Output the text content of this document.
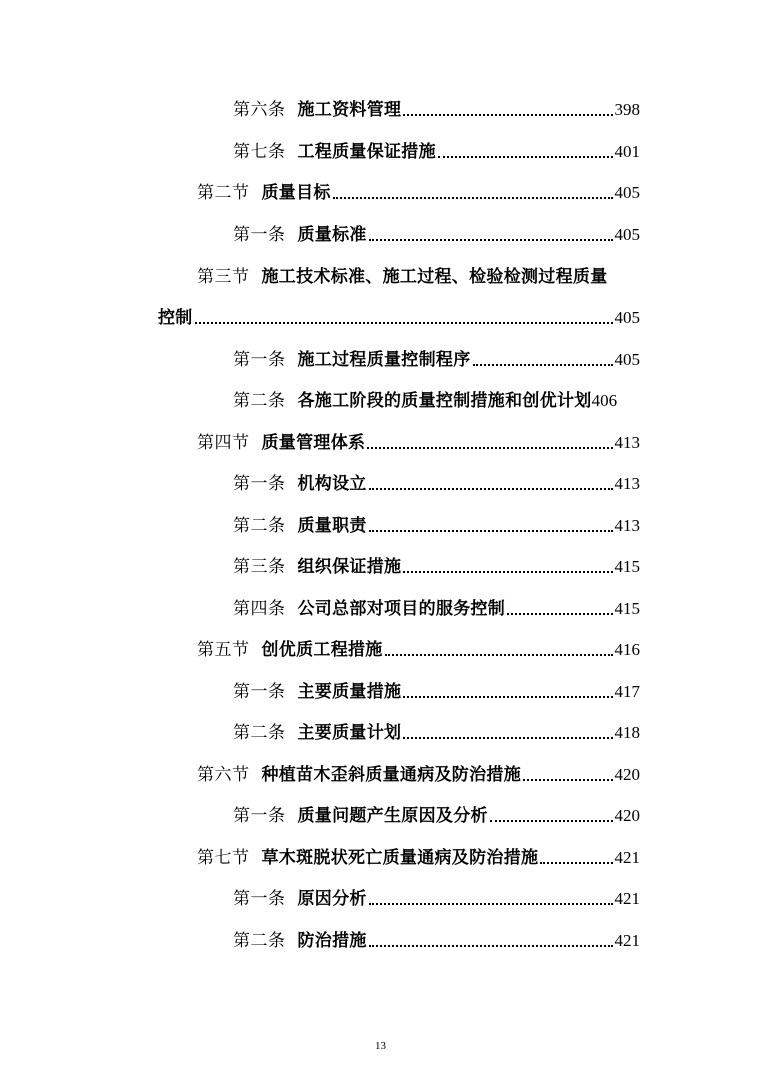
第六条 施工资料管理	398
第七条 工程质量保证措施	401
第二节 质量目标	405
第一条 质量标准	405
第三节 施工技术标准、施工过程、检验检测过程质量
控制	405
第一条 施工过程质量控制程序	405
第二条 各施工阶段的质量控制措施和创优计划 406
第四节 质量管理体系	413
第一条 机构设立	413
第二条 质量职责	413
第三条 组织保证措施	415
第四条 公司总部对项目的服务控制	415
第五节 创优质工程措施	416
第一条 主要质量措施	417
第二条 主要质量计划	418
第六节 种植苗木歪斜质量通病及防治措施	420
第一条 质量问题产生原因及分析	420
第七节 草木斑脱状死亡质量通病及防治措施	421
第一条 原因分析	421
第二条 防治措施	421
13
